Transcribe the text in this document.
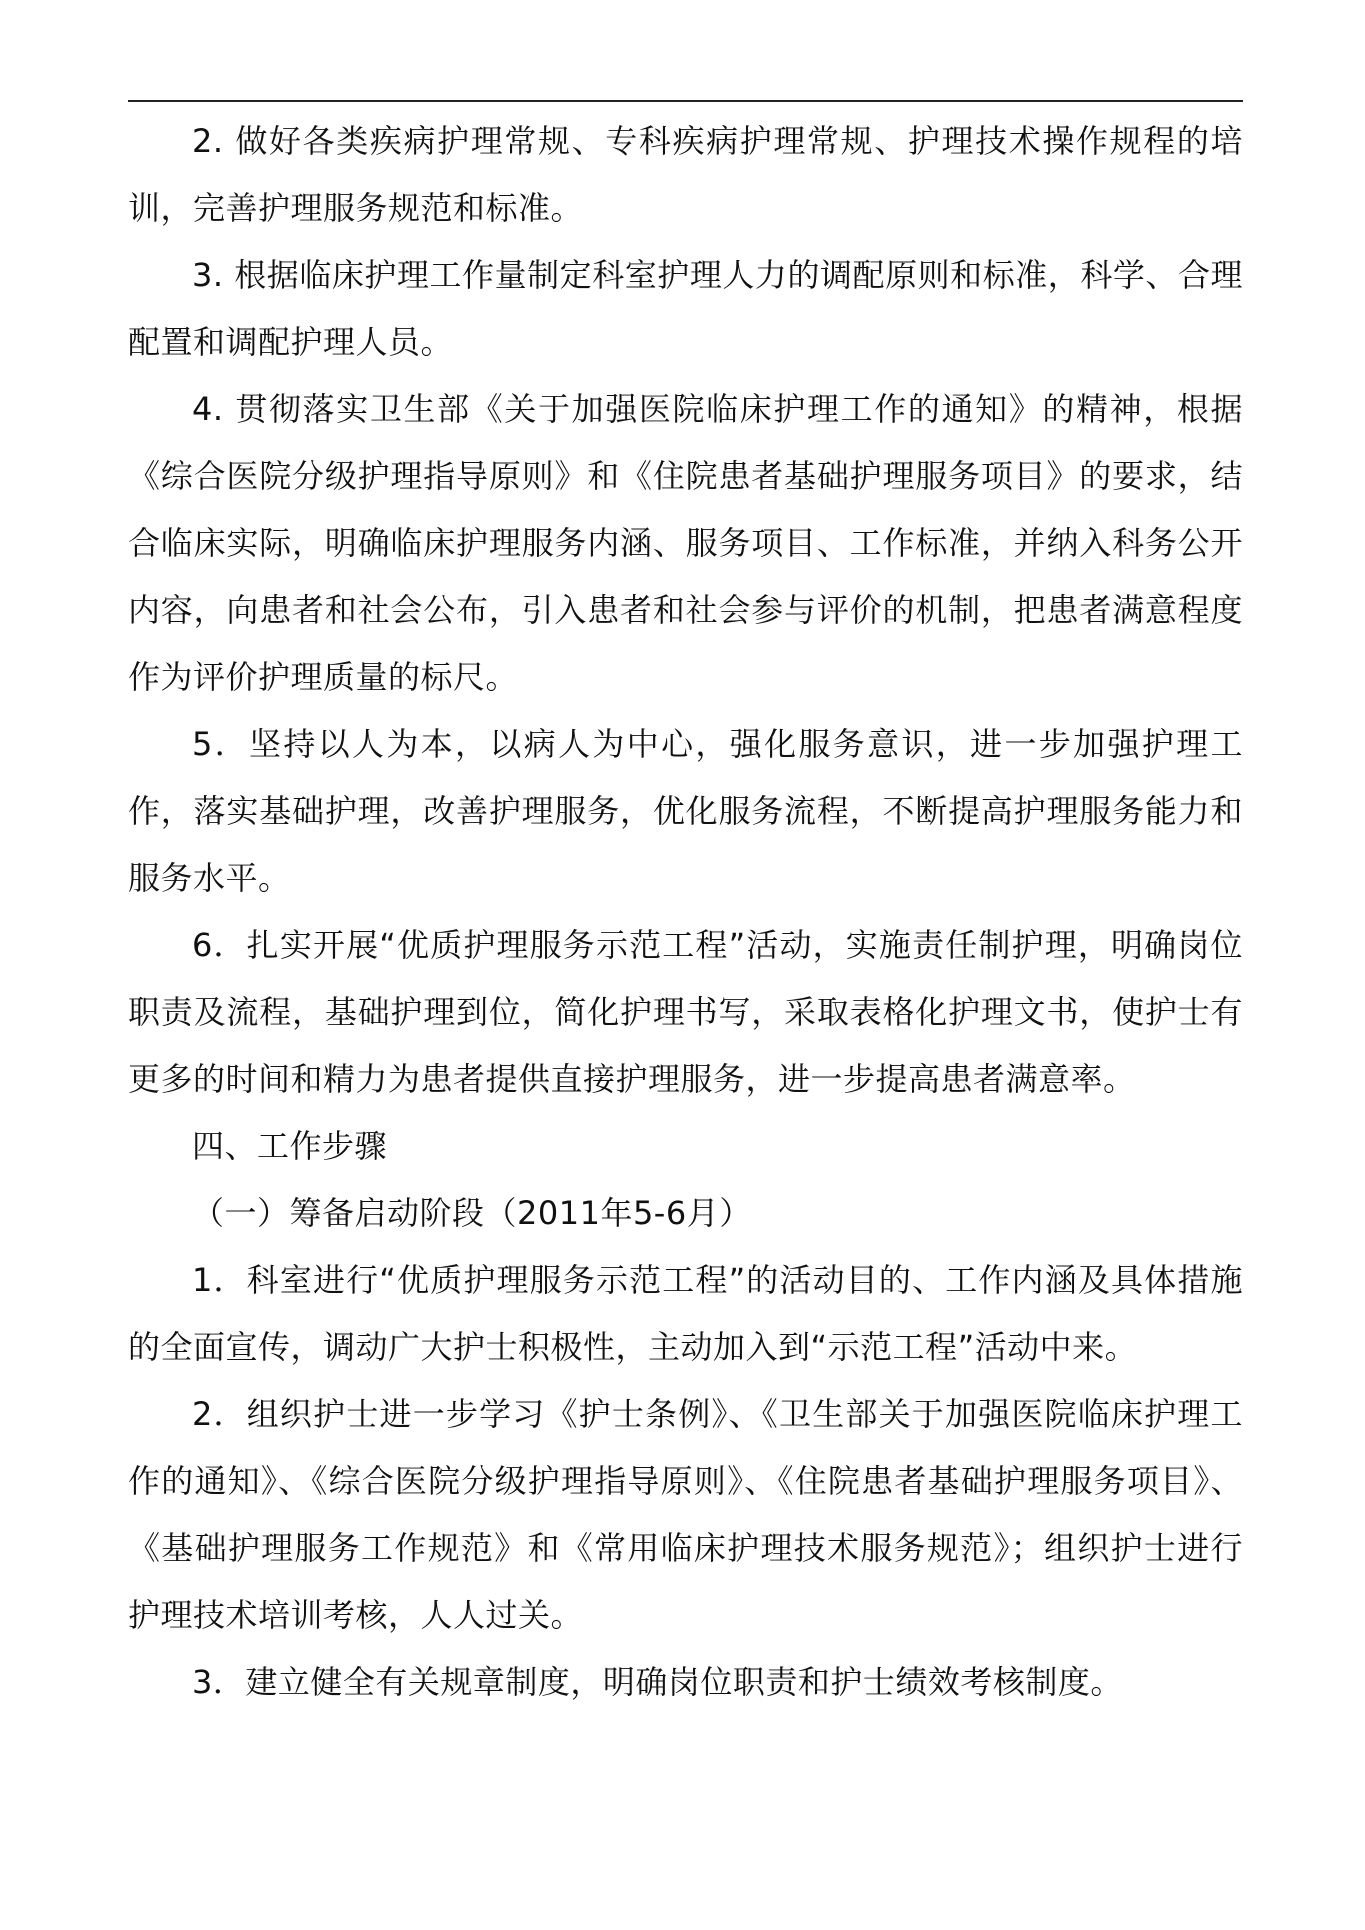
2. 做好各类疾病护理常规、专科疾病护理常规、护理技术操作规程的培训，完善护理服务规范和标准。

3. 根据临床护理工作量制定科室护理人力的调配原则和标准，科学、合理配置和调配护理人员。

4. 贯彻落实卫生部《关于加强医院临床护理工作的通知》的精神，根据《综合医院分级护理指导原则》和《住院患者基础护理服务项目》的要求，结合临床实际，明确临床护理服务内涵、服务项目、工作标准，并纳入科务公开内容，向患者和社会公布，引入患者和社会参与评价的机制，把患者满意程度作为评价护理质量的标尺。

5．坚持以人为本，以病人为中心，强化服务意识，进一步加强护理工作，落实基础护理，改善护理服务，优化服务流程，不断提高护理服务能力和服务水平。

6．扎实开展“优质护理服务示范工程”活动，实施责任制护理，明确岗位职责及流程，基础护理到位，简化护理书写，采取表格化护理文书，使护士有更多的时间和精力为患者提供直接护理服务，进一步提高患者满意率。

四、工作步骤

（一）筹备启动阶段（2011年5-6月）

1．科室进行“优质护理服务示范工程”的活动目的、工作内涵及具体措施的全面宣传，调动广大护士积极性，主动加入到“示范工程”活动中来。

2．组织护士进一步学习《护士条例》、《卫生部关于加强医院临床护理工作的通知》、《综合医院分级护理指导原则》、《住院患者基础护理服务项目》、《基础护理服务工作规范》和《常用临床护理技术服务规范》；组织护士进行护理技术培训考核，人人过关。

3．建立健全有关规章制度，明确岗位职责和护士绩效考核制度。
